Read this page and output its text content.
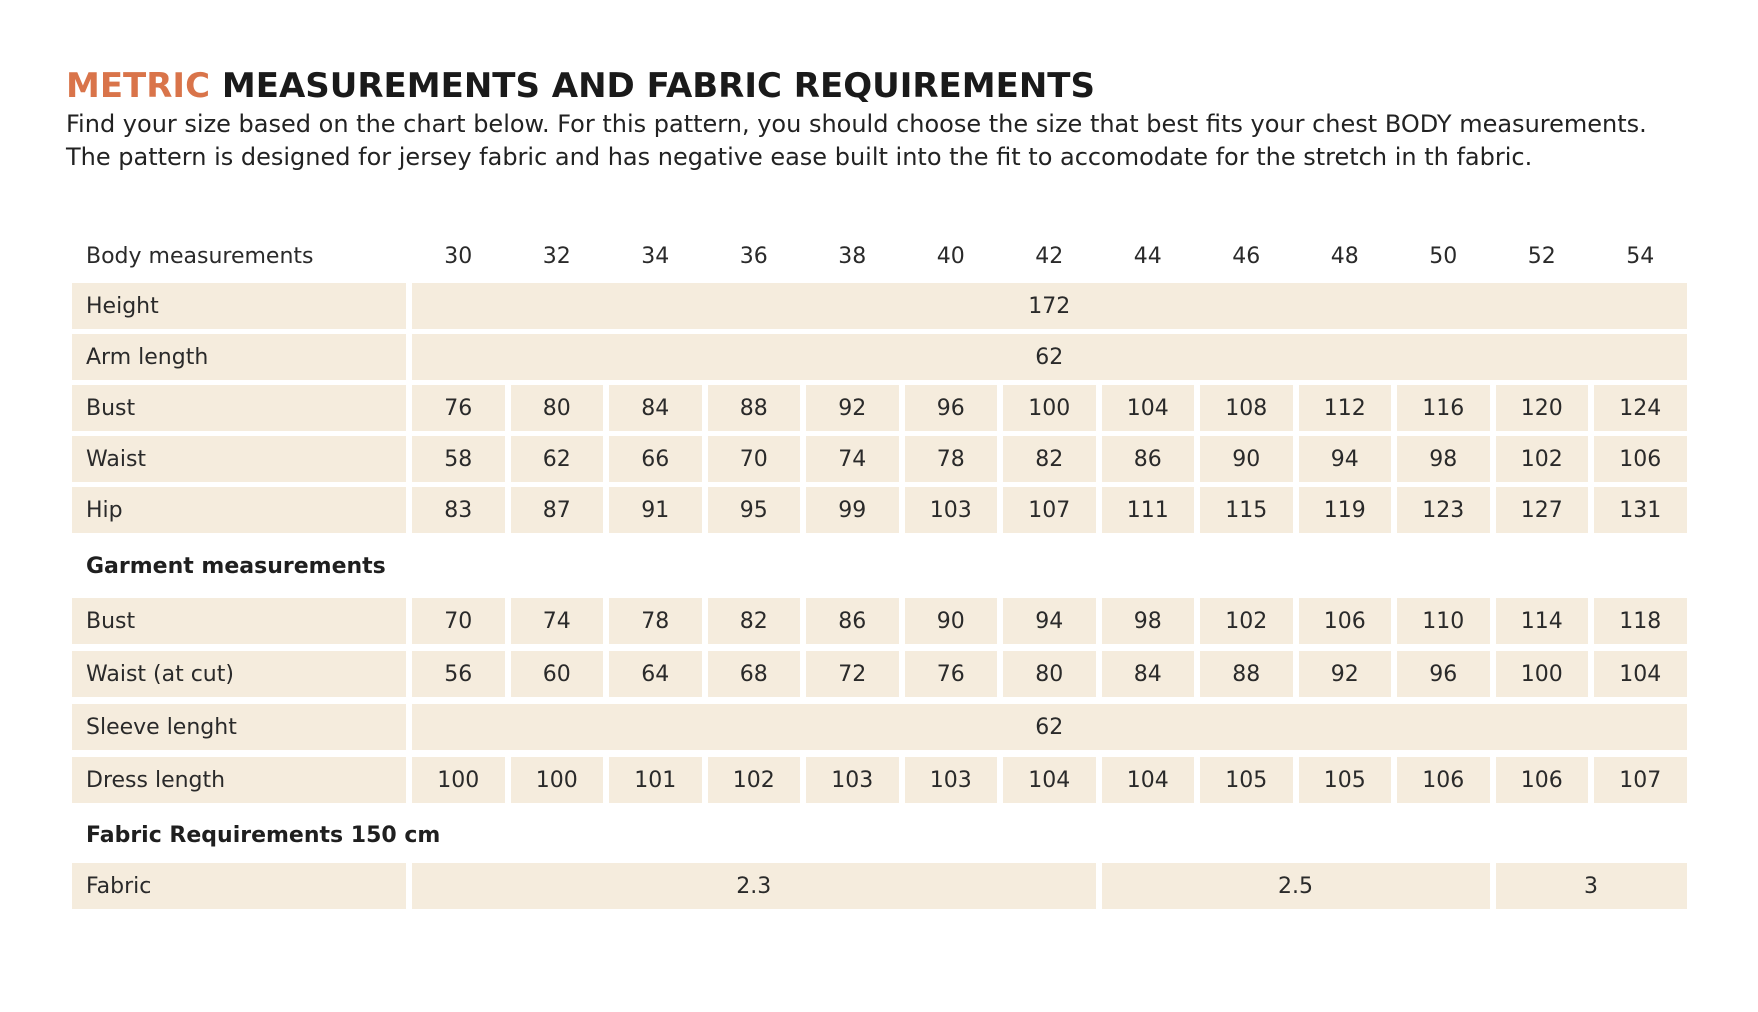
METRIC MEASUREMENTS AND FABRIC REQUIREMENTS

Find your size based on the chart below. For this pattern, you should choose the size that best fits your chest BODY measurements.

The pattern is designed for jersey fabric and has negative ease built into the fit to accomodate for the stretch in th fabric.

Body measurements	30	32	34	36	38	40	42	44	46	48	50	52	54
Height	172
Arm length	62
Bust	76	80	84	88	92	96	100	104	108	112	116	120	124
Waist	58	62	66	70	74	78	82	86	90	94	98	102	106
Hip	83	87	91	95	99	103	107	111	115	119	123	127	131
Garment measurements
Bust	70	74	78	82	86	90	94	98	102	106	110	114	118
Waist (at cut)	56	60	64	68	72	76	80	84	88	92	96	100	104
Sleeve lenght	62
Dress length	100	100	101	102	103	103	104	104	105	105	106	106	107
Fabric Requirements 150 cm
Fabric	2.3	2.5	3
